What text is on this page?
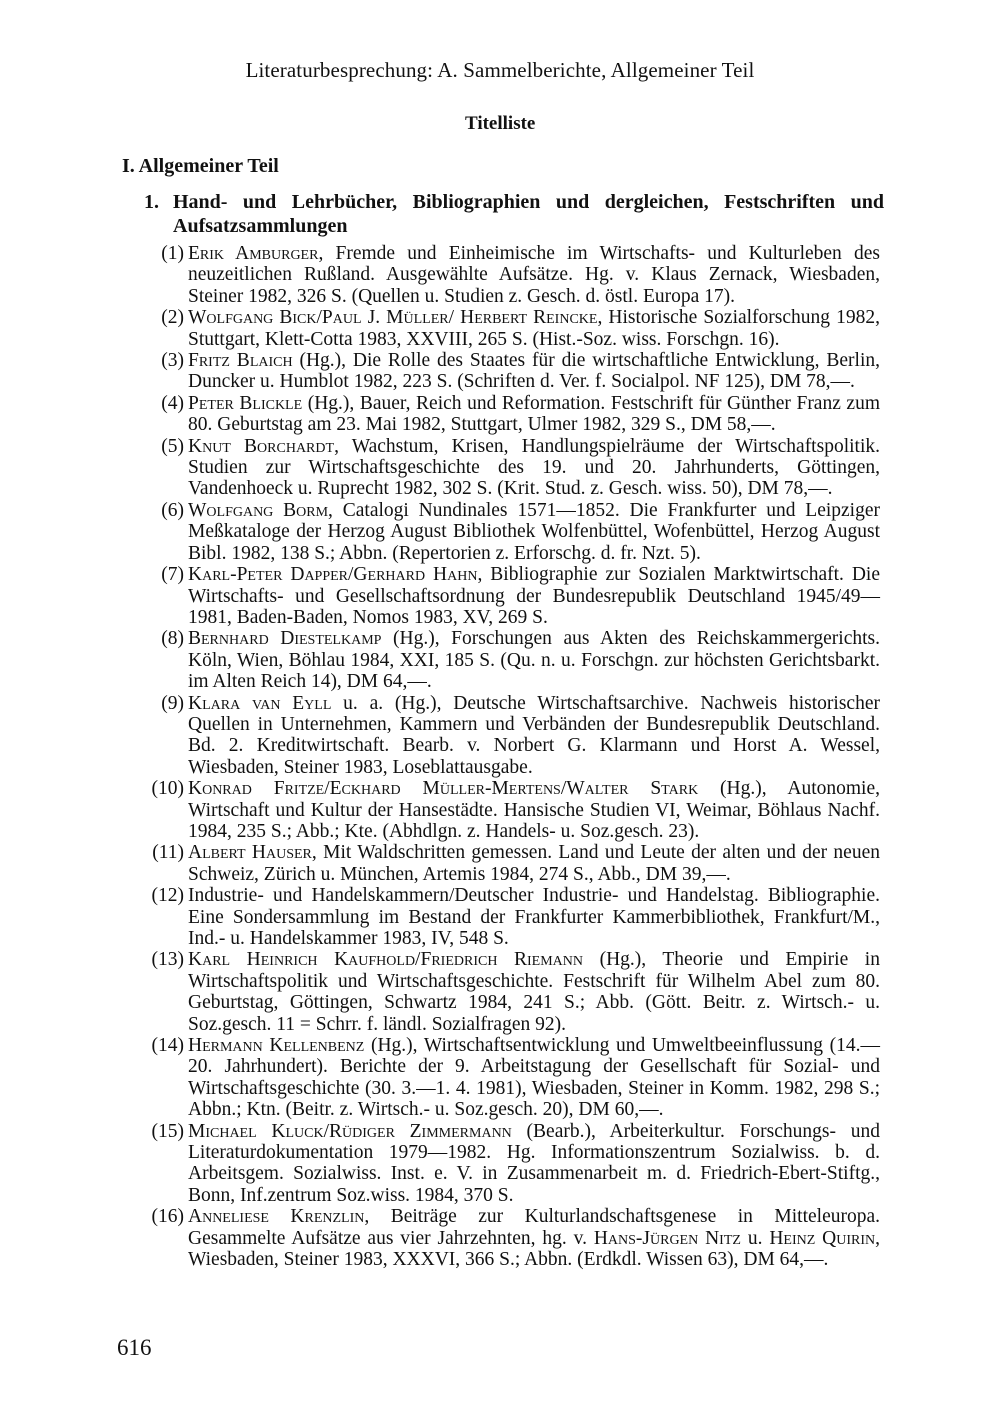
Literaturbesprechung: A. Sammelberichte, Allgemeiner Teil
Titelliste
I. Allgemeiner Teil
1. Hand- und Lehrbücher, Bibliographien und dergleichen, Festschriften und Aufsatzsammlungen
(1) Erik Amburger, Fremde und Einheimische im Wirtschafts- und Kulturleben des neuzeitlichen Rußland. Ausgewählte Aufsätze. Hg. v. Klaus Zernack, Wiesbaden, Steiner 1982, 326 S. (Quellen u. Studien z. Gesch. d. östl. Europa 17).
(2) Wolfgang Bick/Paul J. Müller/ Herbert Reincke, Historische Sozialforschung 1982, Stuttgart, Klett-Cotta 1983, XXVIII, 265 S. (Hist.-Soz. wiss. Forschgn. 16).
(3) Fritz Blaich (Hg.), Die Rolle des Staates für die wirtschaftliche Entwicklung, Berlin, Duncker u. Humblot 1982, 223 S. (Schriften d. Ver. f. Socialpol. NF 125), DM 78,—.
(4) Peter Blickle (Hg.), Bauer, Reich und Reformation. Festschrift für Günther Franz zum 80. Geburtstag am 23. Mai 1982, Stuttgart, Ulmer 1982, 329 S., DM 58,—.
(5) Knut Borchardt, Wachstum, Krisen, Handlungspielräume der Wirtschaftspolitik. Studien zur Wirtschaftsgeschichte des 19. und 20. Jahrhunderts, Göttingen, Vandenhoeck u. Ruprecht 1982, 302 S. (Krit. Stud. z. Gesch. wiss. 50), DM 78,—.
(6) Wolfgang Borm, Catalogi Nundinales 1571—1852. Die Frankfurter und Leipziger Meßkataloge der Herzog August Bibliothek Wolfenbüttel, Wofenbüttel, Herzog August Bibl. 1982, 138 S.; Abbn. (Repertorien z. Erforschg. d. fr. Nzt. 5).
(7) Karl-Peter Dapper/Gerhard Hahn, Bibliographie zur Sozialen Marktwirtschaft. Die Wirtschafts- und Gesellschaftsordnung der Bundesrepublik Deutschland 1945/49—1981, Baden-Baden, Nomos 1983, XV, 269 S.
(8) Bernhard Diestelkamp (Hg.), Forschungen aus Akten des Reichskammergerichts. Köln, Wien, Böhlau 1984, XXI, 185 S. (Qu. n. u. Forschgn. zur höchsten Gerichtsbarkt. im Alten Reich 14), DM 64,—.
(9) Klara van Eyll u. a. (Hg.), Deutsche Wirtschaftsarchive. Nachweis historischer Quellen in Unternehmen, Kammern und Verbänden der Bundesrepublik Deutschland. Bd. 2. Kreditwirtschaft. Bearb. v. Norbert G. Klarmann und Horst A. Wessel, Wiesbaden, Steiner 1983, Loseblattausgabe.
(10) Konrad Fritze/Eckhard Müller-Mertens/Walter Stark (Hg.), Autonomie, Wirtschaft und Kultur der Hansestädte. Hansische Studien VI, Weimar, Böhlaus Nachf. 1984, 235 S.; Abb.; Kte. (Abhdlgn. z. Handels- u. Soz.gesch. 23).
(11) Albert Hauser, Mit Waldschritten gemessen. Land und Leute der alten und der neuen Schweiz, Zürich u. München, Artemis 1984, 274 S., Abb., DM 39,—.
(12) Industrie- und Handelskammern/Deutscher Industrie- und Handelstag. Bibliographie. Eine Sondersammlung im Bestand der Frankfurter Kammerbibliothek, Frankfurt/M., Ind.- u. Handelskammer 1983, IV, 548 S.
(13) Karl Heinrich Kaufhold/Friedrich Riemann (Hg.), Theorie und Empirie in Wirtschaftspolitik und Wirtschaftsgeschichte. Festschrift für Wilhelm Abel zum 80. Geburtstag, Göttingen, Schwartz 1984, 241 S.; Abb. (Gött. Beitr. z. Wirtsch.- u. Soz.gesch. 11 = Schrr. f. ländl. Sozialfragen 92).
(14) Hermann Kellenbenz (Hg.), Wirtschaftsentwicklung und Umweltbeeinflussung (14.—20. Jahrhundert). Berichte der 9. Arbeitstagung der Gesellschaft für Sozial- und Wirtschaftsgeschichte (30. 3.—1. 4. 1981), Wiesbaden, Steiner in Komm. 1982, 298 S.; Abbn.; Ktn. (Beitr. z. Wirtsch.- u. Soz.gesch. 20), DM 60,—.
(15) Michael Kluck/Rüdiger Zimmermann (Bearb.), Arbeiterkultur. Forschungs- und Literaturdokumentation 1979—1982. Hg. Informationszentrum Sozialwiss. b. d. Arbeitsgem. Sozialwiss. Inst. e. V. in Zusammenarbeit m. d. Friedrich-Ebert-Stiftg., Bonn, Inf.zentrum Soz.wiss. 1984, 370 S.
(16) Anneliese Krenzlin, Beiträge zur Kulturlandschaftsgenese in Mitteleuropa. Gesammelte Aufsätze aus vier Jahrzehnten, hg. v. Hans-Jürgen Nitz u. Heinz Quirin, Wiesbaden, Steiner 1983, XXXVI, 366 S.; Abbn. (Erdkdl. Wissen 63), DM 64,—.
616
